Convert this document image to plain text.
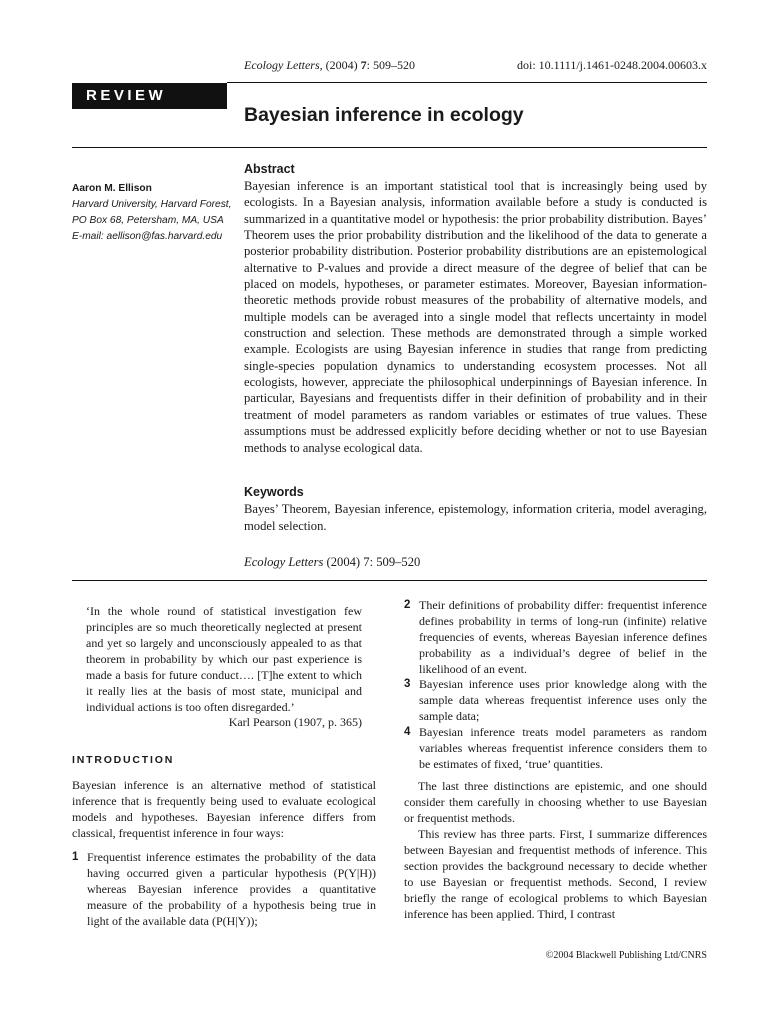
Ecology Letters, (2004) 7: 509–520	doi: 10.1111/j.1461-0248.2004.00603.x
REVIEW
Bayesian inference in ecology
Aaron M. Ellison
Harvard University, Harvard Forest, PO Box 68, Petersham, MA, USA
E-mail: aellison@fas.harvard.edu
Abstract

Bayesian inference is an important statistical tool that is increasingly being used by ecologists. In a Bayesian analysis, information available before a study is conducted is summarized in a quantitative model or hypothesis: the prior probability distribution. Bayes’ Theorem uses the prior probability distribution and the likelihood of the data to generate a posterior probability distribution. Posterior probability distributions are an epistemological alternative to P-values and provide a direct measure of the degree of belief that can be placed on models, hypotheses, or parameter estimates. Moreover, Bayesian information-theoretic methods provide robust measures of the probability of alternative models, and multiple models can be averaged into a single model that reflects uncertainty in model construction and selection. These methods are demonstrated through a simple worked example. Ecologists are using Bayesian inference in studies that range from predicting single-species population dynamics to understanding ecosystem processes. Not all ecologists, however, appreciate the philosophical underpinnings of Bayesian inference. In particular, Bayesians and frequentists differ in their definition of probability and in their treatment of model parameters as random variables or estimates of true values. These assumptions must be addressed explicitly before deciding whether or not to use Bayesian methods to analyse ecological data.

Keywords

Bayes’ Theorem, Bayesian inference, epistemology, information criteria, model averaging, model selection.

Ecology Letters (2004) 7: 509–520

‘In the whole round of statistical investigation few principles are so much theoretically neglected at present and yet so largely and unconsciously appealed to as that theorem in probability by which our past experience is made a basis for future conduct…. [T]he extent to which it really lies at the basis of most state, municipal and individual actions is too often disregarded.’

Karl Pearson (1907, p. 365)
INTRODUCTION

Bayesian inference is an alternative method of statistical inference that is frequently being used to evaluate ecological models and hypotheses. Bayesian inference differs from classical, frequentist inference in four ways:

1 Frequentist inference estimates the probability of the data having occurred given a particular hypothesis (P(Y|H)) whereas Bayesian inference provides a quantitative measure of the probability of a hypothesis being true in light of the available data (P(H|Y));
2 Their definitions of probability differ: frequentist inference defines probability in terms of long-run (infinite) relative frequencies of events, whereas Bayesian inference defines probability as a individual’s degree of belief in the likelihood of an event.
3 Bayesian inference uses prior knowledge along with the sample data whereas frequentist inference uses only the sample data;
4 Bayesian inference treats model parameters as random variables whereas frequentist inference considers them to be estimates of fixed, ‘true’ quantities.

The last three distinctions are epistemic, and one should consider them carefully in choosing whether to use Bayesian or frequentist methods.

This review has three parts. First, I summarize differences between Bayesian and frequentist methods of inference. This section provides the background necessary to decide whether to use Bayesian or frequentist methods. Second, I review briefly the range of ecological problems to which Bayesian inference has been applied. Third, I contrast

©2004 Blackwell Publishing Ltd/CNRS
